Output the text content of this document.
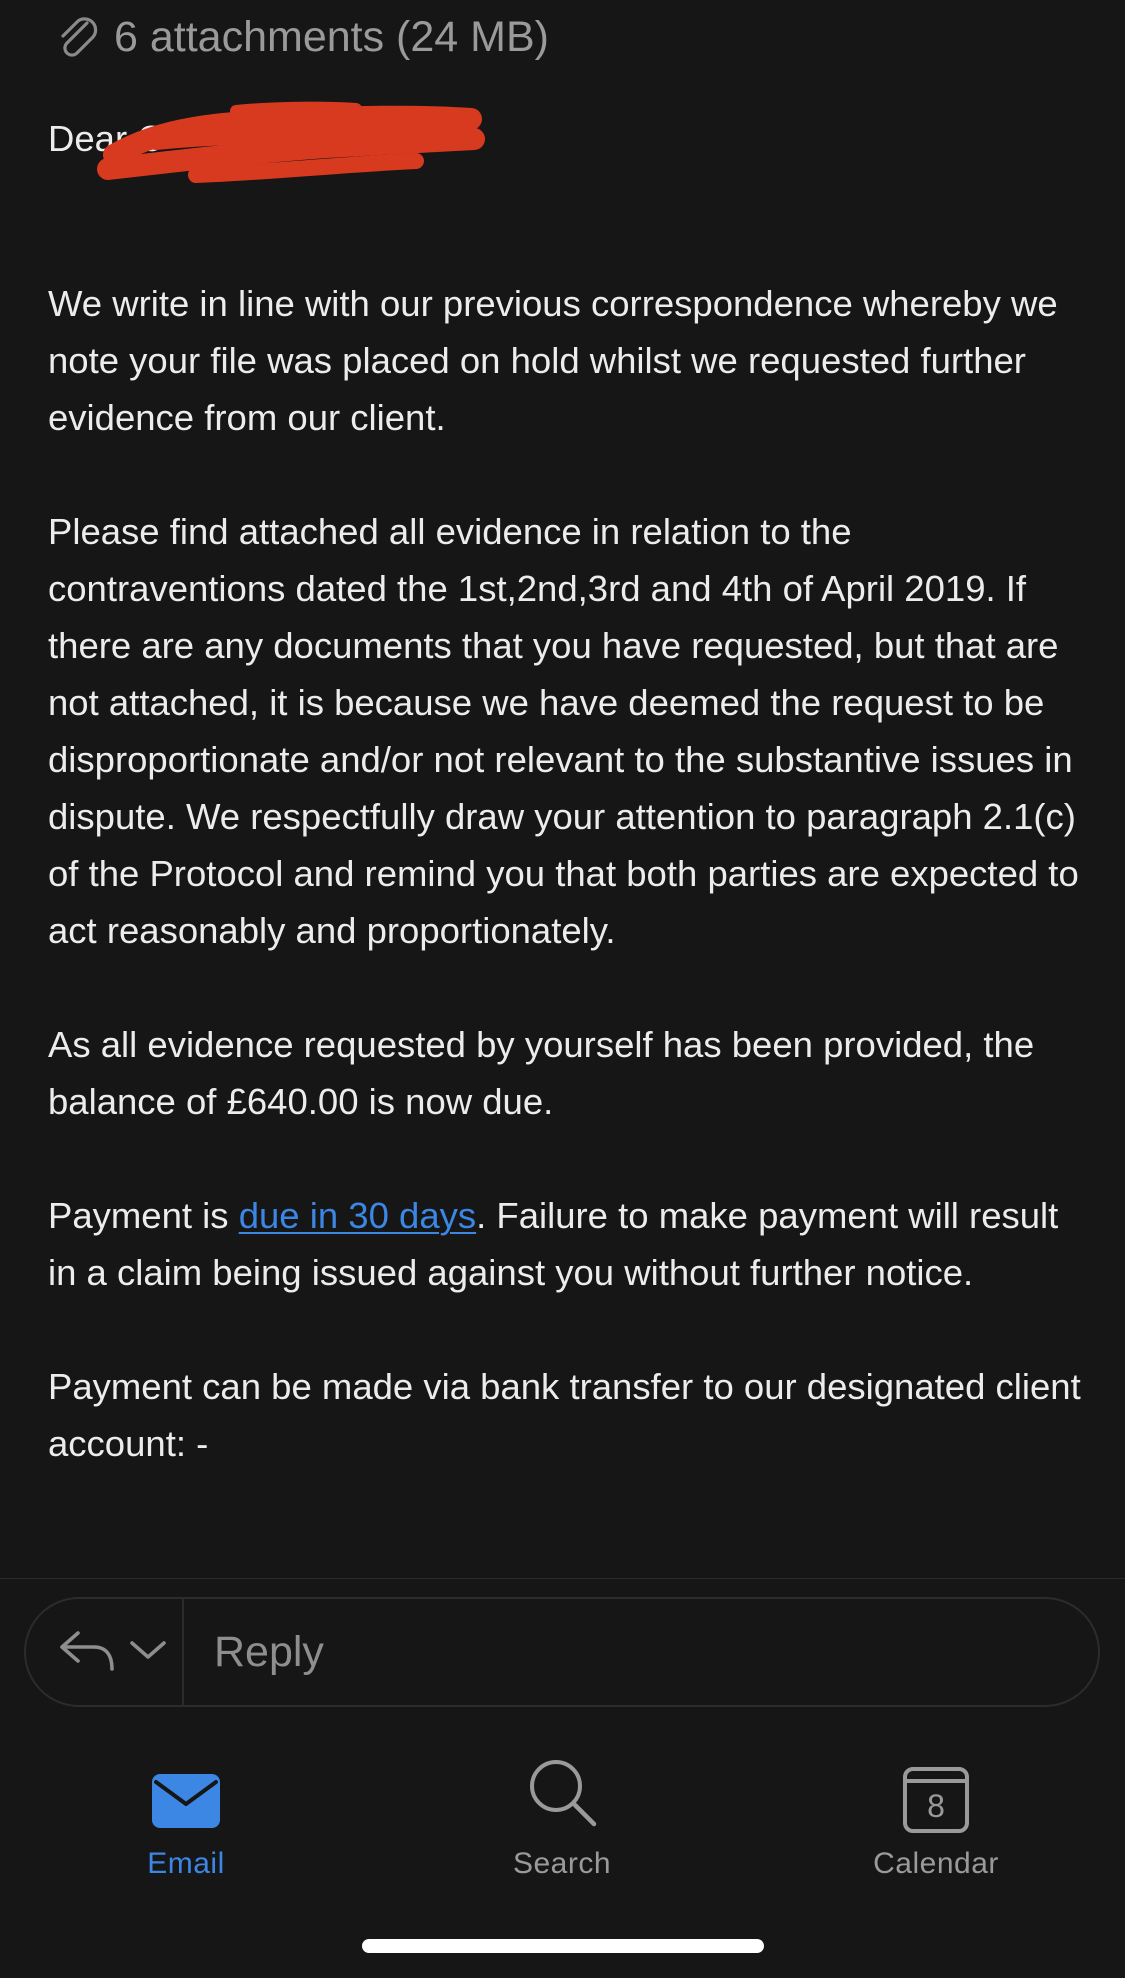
6 attachments (24 MB)
Dear C

We write in line with our previous correspondence whereby we note your file was placed on hold whilst we requested further evidence from our client.

Please find attached all evidence in relation to the contraventions dated the 1st,2nd,3rd and 4th of April 2019. If there are any documents that you have requested, but that are not attached, it is because we have deemed the request to be disproportionate and/or not relevant to the substantive issues in dispute. We respectfully draw your attention to paragraph 2.1(c) of the Protocol and remind you that both parties are expected to act reasonably and proportionately.

As all evidence requested by yourself has been provided, the balance of £640.00 is now due.

Payment is due in 30 days. Failure to make payment will result in a claim being issued against you without further notice.

Payment can be made via bank transfer to our designated client account: -

Reply
Email	Search
8
Calendar
